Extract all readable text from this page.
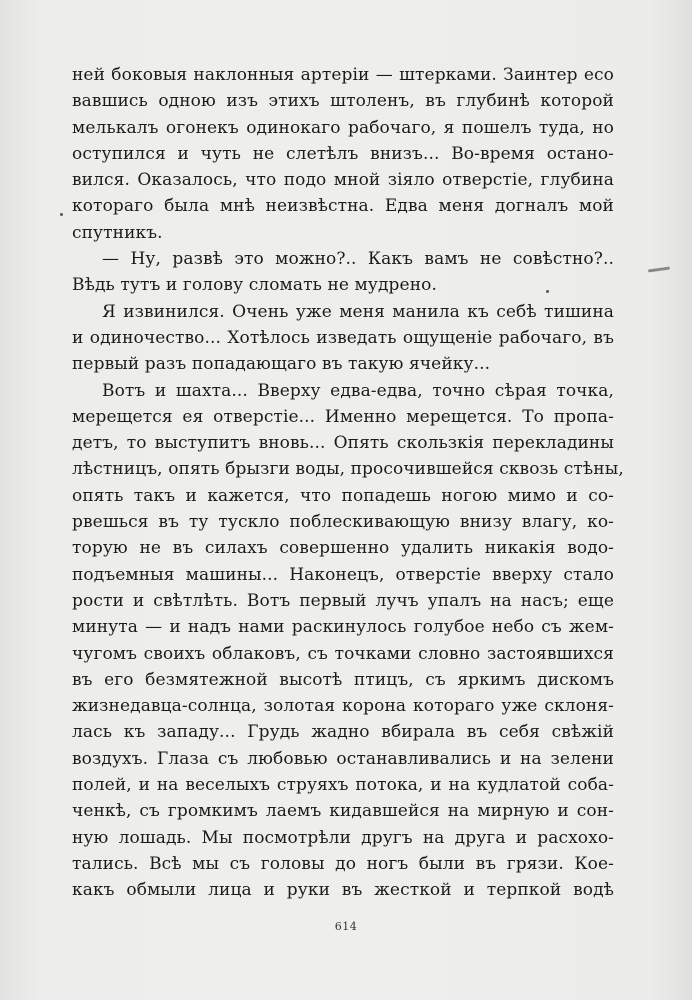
ней боковыя наклонныя артеріи — штерками. Заинтер есо
вавшись одною изъ этихъ штоленъ, въ глубинѣ которой
мелькалъ огонекъ одинокаго рабочаго, я пошелъ туда, но
оступился и чуть не слетѣлъ внизъ... Во-время остано-
вился. Оказалось, что подо мной зіяло отверстіе, глубина
котораго была мнѣ неизвѣстна. Едва меня догналъ мой
спутникъ.
— Ну, развѣ это можно?.. Какъ вамъ не совѣстно?..
Вѣдь тутъ и голову сломать не мудрено.
Я извинился. Очень уже меня манила къ себѣ тишина
и одиночество... Хотѣлось изведать ощущеніе рабочаго, въ
первый разъ попадающаго въ такую ячейку...
Вотъ и шахта... Вверху едва-едва, точно сѣрая точка,
мерещется ея отверстіе... Именно мерещется. То пропа-
детъ, то выступитъ вновь... Опять скользкія перекладины
лѣстницъ, опять брызги воды, просочившейся сквозь стѣны,
опять такъ и кажется, что попадешь ногою мимо и со-
рвешься въ ту тускло поблескивающую внизу влагу, ко-
торую не въ силахъ совершенно удалить никакія водо-
подъемныя машины... Наконецъ, отверстіе вверху стало
рости и свѣтлѣть. Вотъ первый лучъ упалъ на насъ; еще
минута — и надъ нами раскинулось голубое небо съ жем-
чугомъ своихъ облаковъ, съ точками словно застоявшихся
въ его безмятежной высотѣ птицъ, съ яркимъ дискомъ
жизнедавца-солнца, золотая корона котораго уже склоня-
лась къ западу... Грудь жадно вбирала въ себя свѣжій
воздухъ. Глаза съ любовью останавливались и на зелени
полей, и на веселыхъ струяхъ потока, и на кудлатой соба-
ченкѣ, съ громкимъ лаемъ кидавшейся на мирную и сон-
ную лошадь. Мы посмотрѣли другъ на друга и расхохо-
тались. Всѣ мы съ головы до ногъ были въ грязи. Кое-
какъ обмыли лица и руки въ жесткой и терпкой водѣ
614
